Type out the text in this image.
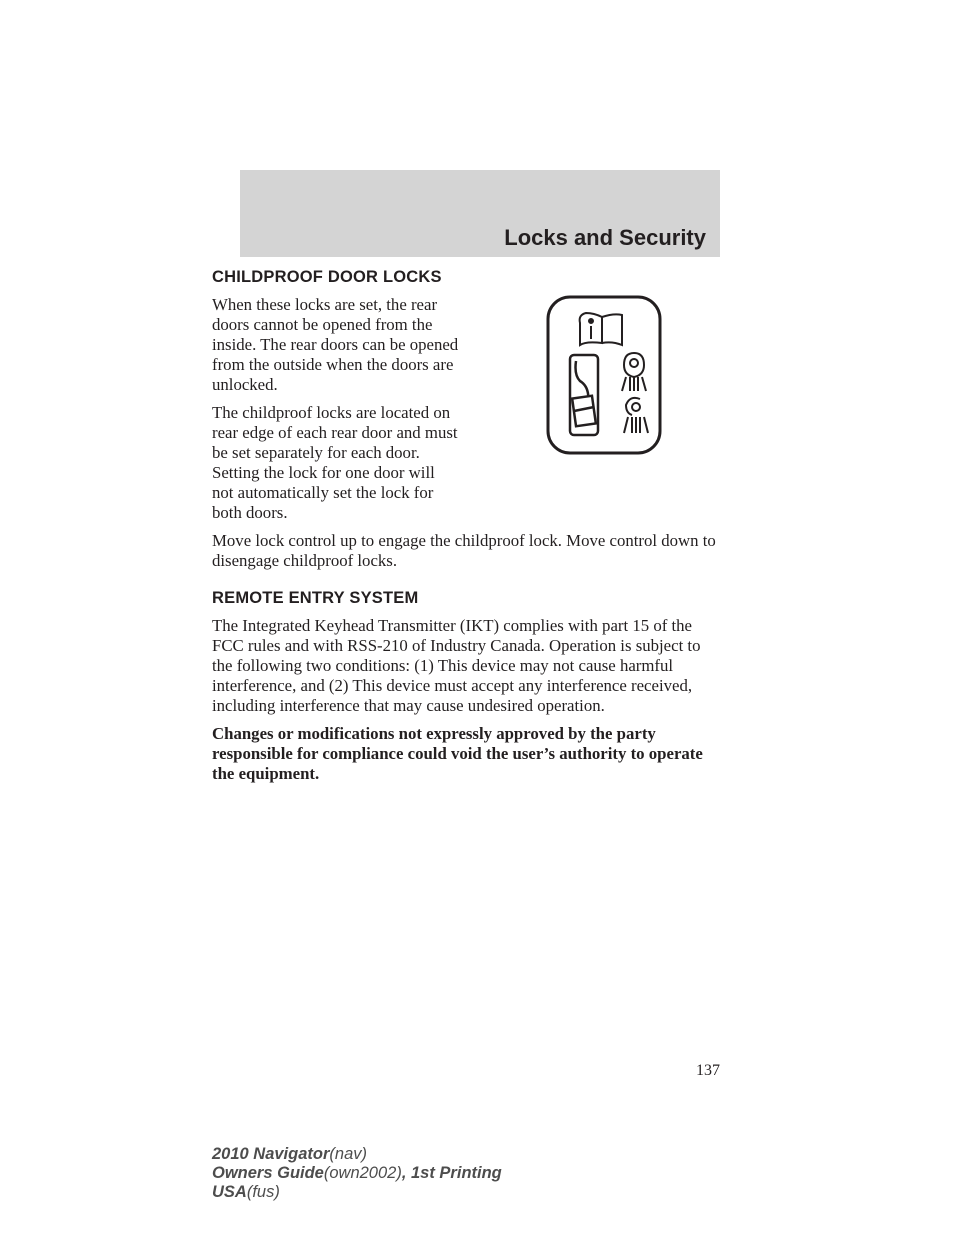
Locks and Security
CHILDPROOF DOOR LOCKS

When these locks are set, the rear doors cannot be opened from the inside. The rear doors can be opened from the outside when the doors are unlocked.

The childproof locks are located on rear edge of each rear door and must be set separately for each door. Setting the lock for one door will not automatically set the lock for both doors.

Move lock control up to engage the childproof lock. Move control down to disengage childproof locks.

REMOTE ENTRY SYSTEM

The Integrated Keyhead Transmitter (IKT) complies with part 15 of the FCC rules and with RSS-210 of Industry Canada. Operation is subject to the following two conditions: (1) This device may not cause harmful interference, and (2) This device must accept any interference received, including interference that may cause undesired operation.

Changes or modifications not expressly approved by the party responsible for compliance could void the user’s authority to operate the equipment.

137
2010 Navigator(nav)
Owners Guide(own2002), 1st Printing
USA(fus)
